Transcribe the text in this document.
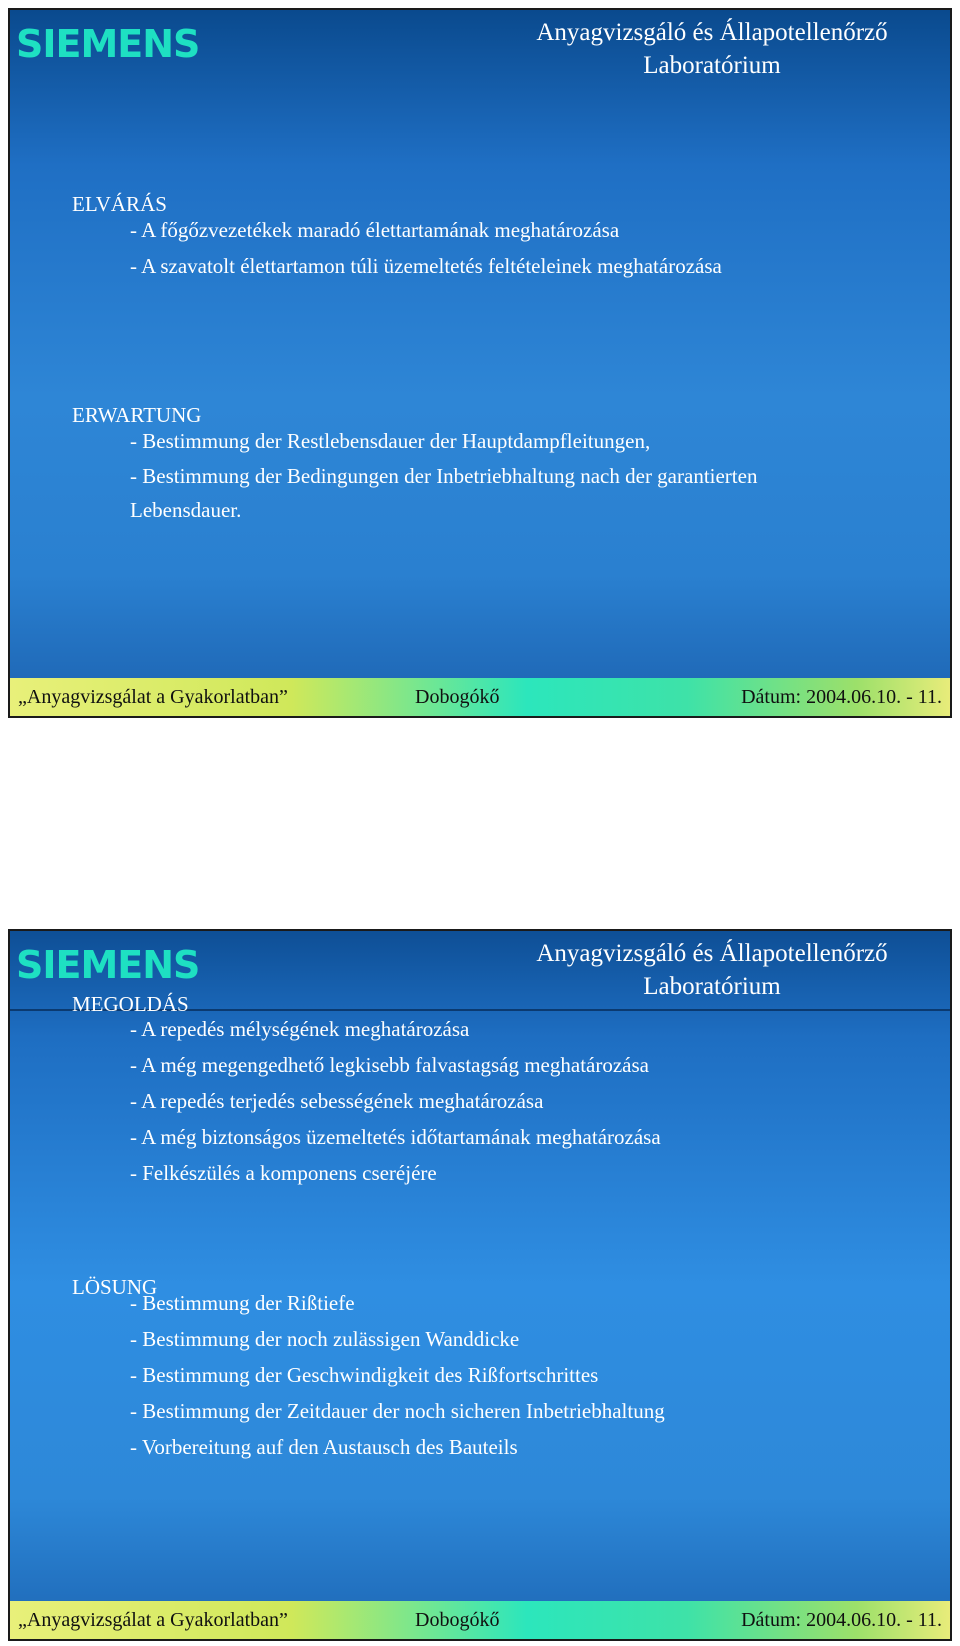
SIEMENS	Anyagvizsgáló és Állapotellenőrző
Laboratórium
ELVÁRÁS
- A főgőzvezetékek maradó élettartamának meghatározása
- A szavatolt élettartamon túli üzemeltetés feltételeinek meghatározása
ERWARTUNG
- Bestimmung der Restlebensdauer der Hauptdampfleitungen,
- Bestimmung der Bedingungen der Inbetriebhaltung nach der garantierten Lebensdauer.
„Anyagvizsgálat a Gyakorlatban”	Dobogókő	Dátum: 2004.06.10. - 11.
SIEMENS	Anyagvizsgáló és Állapotellenőrző
Laboratórium
MEGOLDÁS
- A repedés mélységének meghatározása
- A még megengedhető legkisebb falvastagság meghatározása
- A repedés terjedés sebességének meghatározása
- A még biztonságos üzemeltetés időtartamának meghatározása
- Felkészülés a komponens cseréjére
LÖSUNG
- Bestimmung der Rißtiefe
- Bestimmung der noch zulässigen Wanddicke
- Bestimmung der Geschwindigkeit des Rißfortschrittes
- Bestimmung der Zeitdauer der noch sicheren Inbetriebhaltung
- Vorbereitung auf den Austausch des Bauteils
„Anyagvizsgálat a Gyakorlatban”	Dobogókő	Dátum: 2004.06.10. - 11.
